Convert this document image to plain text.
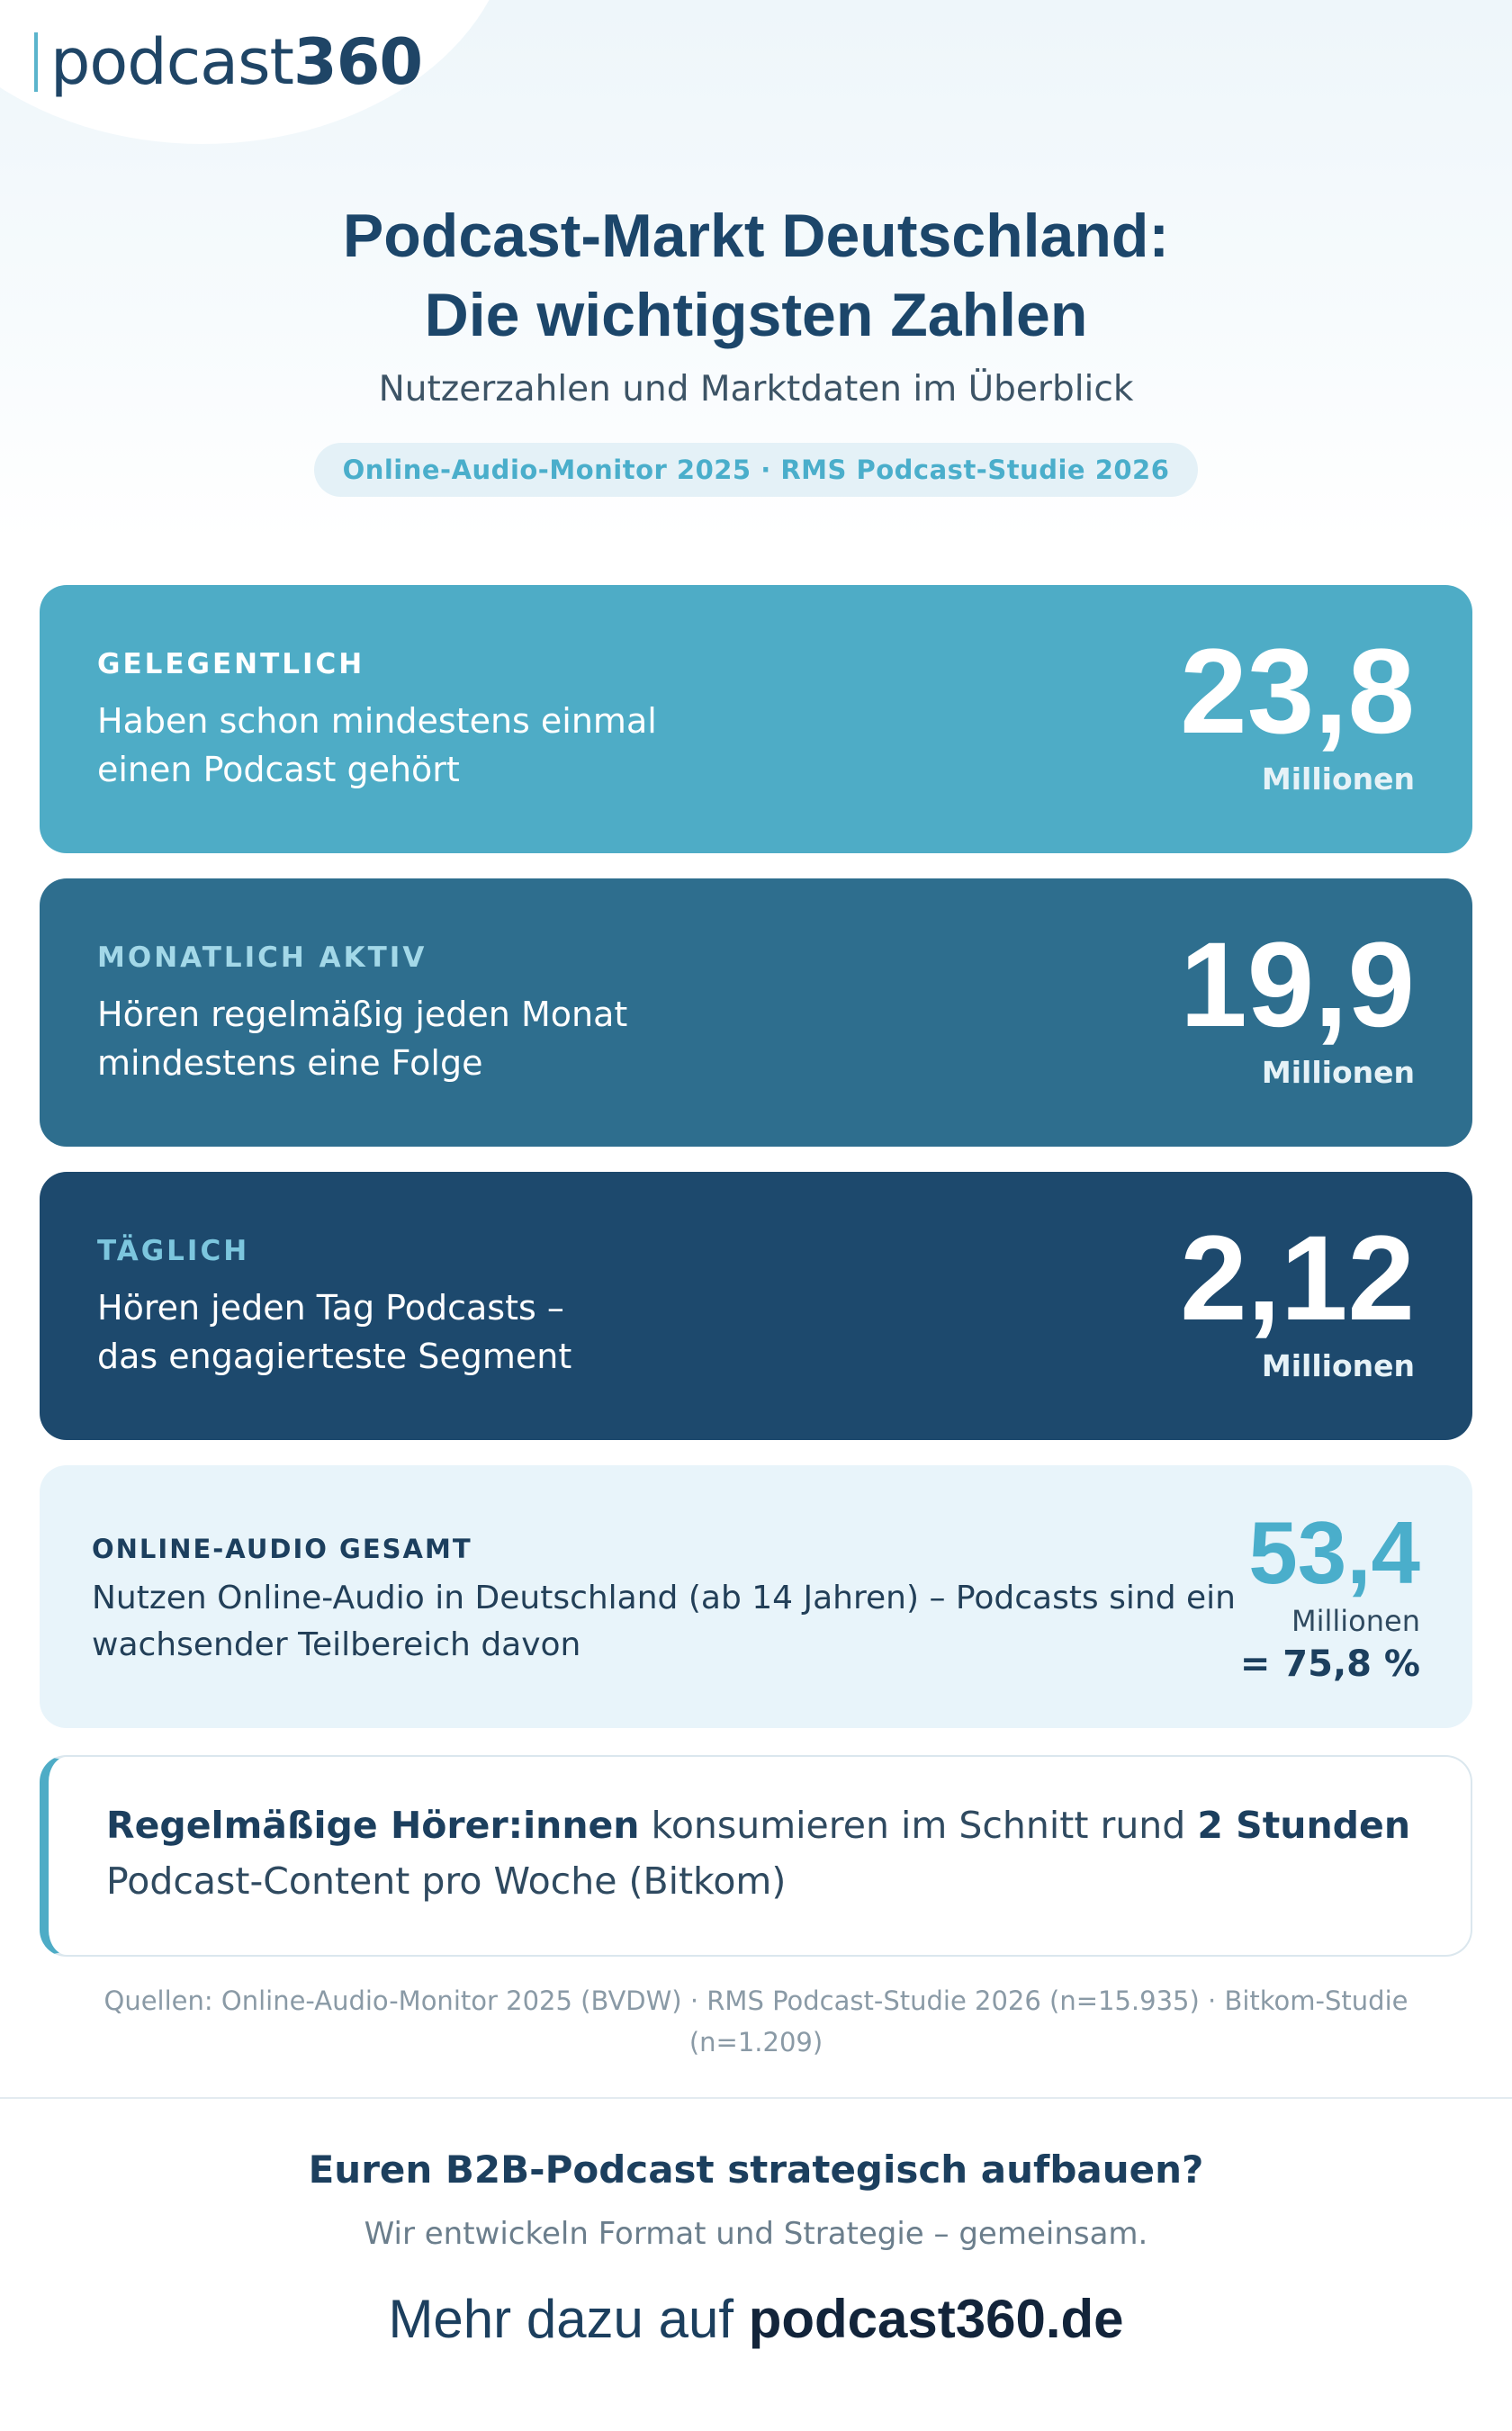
podcast 360
Podcast-Markt Deutschland:
Die wichtigsten Zahlen
Nutzerzahlen und Marktdaten im Überblick
Online-Audio-Monitor 2025 · RMS Podcast-Studie 2026
GELEGENTLICH
Haben schon mindestens einmal
einen Podcast gehört
23,8
Millionen
MONATLICH AKTIV
Hören regelmäßig jeden Monat
mindestens eine Folge
19,9
Millionen
TÄGLICH
Hören jeden Tag Podcasts –
das engagierteste Segment
2,12
Millionen
ONLINE-AUDIO GESAMT
Nutzen Online-Audio in Deutschland (ab 14 Jahren) – Podcasts sind ein
wachsender Teilbereich davon
53,4
Millionen
= 75,8 %
Regelmäßige Hörer:innen konsumieren im Schnitt rund 2 Stunden
Podcast-Content pro Woche (Bitkom)
Quellen: Online-Audio-Monitor 2025 (BVDW) · RMS Podcast-Studie 2026 (n=15.935) · Bitkom-Studie
(n=1.209)
Euren B2B-Podcast strategisch aufbauen?
Wir entwickeln Format und Strategie – gemeinsam.
Mehr dazu auf podcast360.de
